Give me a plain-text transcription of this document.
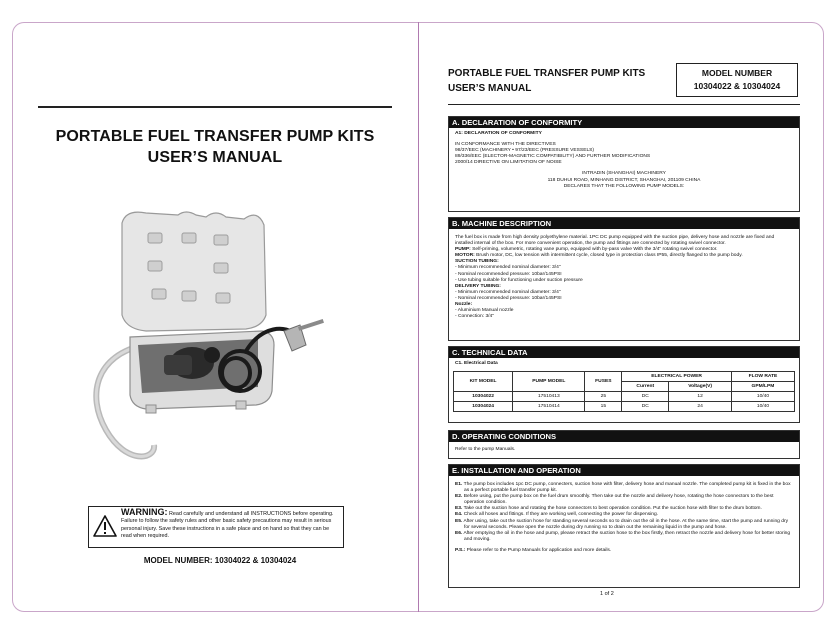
PORTABLE FUEL TRANSFER PUMP KITS
USER’S MANUAL
WARNING: Read carefully and understand all INSTRUCTIONS before operating. Failure to follow the safety rules and other basic safety precautions may result in serious personal injury. Save these instructions in a safe place and on hand so that they can be read when required.
MODEL NUMBER: 10304022 & 10304024
PORTABLE FUEL TRANSFER PUMP KITS
USER’S MANUAL
MODEL NUMBER
10304022 & 10304024
A. DECLARATION OF CONFORMITY
A1: DECLARATION OF CONFORMITY
IN CONFORMANCE WITH THE DIRECTIVES
98/37/EEC (MACHINERY • 97/23/EEC (PRESSURE VESSELS)
89/336/EEC (ELECTOR-MAGNETIC COMPATIBILITY) AND FURTHER MODIFICATIONS
2000/14 DIRECTIVE ON LIMITATION OF NOISE
INTRADIN (SHANGHAI) MACHINERY
118 DUHUI ROAD, MINHANG DISTRICT, SHANGHAI, 201109 CHINA
DECLARES THAT THE FOLLOWING PUMP MODELS:
B. MACHINE DESCRIPTION
The fuel box is made from high density polyethylene material. 1PC DC pump equipped with the suction pipe, delivery hose and nozzle are fixed and installed internal of the box. For more convenient operation, the pump and fittings are connected by rotating swivel connector.
PUMP: Self-priming, volumetric, rotating vane pump, equipped with by-pass valve With the 3/4" rotating swivel connector.
MOTOR: Brush motor, DC, low tension with intermittent cycle, closed type in protection class IP55, directly flanged to the pump body.
SUCTION TUBING:
- Minimum recommended nominal diameter: 3/4"
- Nominal recommended pressure: 10bar/145PSI
- Use tubing suitable for functioning under suction pressure
DELIVERY TUBING:
- Minimum recommended nominal diameter: 3/4"
- Nominal recommended pressure: 10bar/145PSI
Nozzle:
- Aluminium Manual nozzle
- Connection: 3/4"
C. TECHNICAL DATA
C1. Electrical Data
KIT MODEL	PUMP MODEL	FUSES	ELECTRICAL POWER		FLOW RATE
			Current	Voltage(V)	GPM/LPM
10304022	17510413	25	DC	12	10/40
10304024	17510414	15	DC	24	10/40
D. OPERATING CONDITIONS
Refer to the pump Manuals.
E. INSTALLATION AND OPERATION
E1. The pump box includes 1pc DC pump, connecters, suction hose with filter, delivery hose and manual nozzle. The completed pump kit is fixed in the box as a perfect portable fuel transfer pump kit.
E2. Before using, put the pump box on the fuel drum smoothly. Then take out the nozzle and delivery hose, rotating the hose connectors to the best operation condition.
E3. Take out the suction hose and rotating the hose connectors to best operation condition. Put the suction hose with filter to the drum bottom.
E4. Check all hoses and fittings. If they are working well, connecting the power for dispensing.
E5. After using, take out the suction hose for standing several seconds so to drain out the oil in the hose. At the same time, start the pump and running dry for several seconds. Please open the nozzle during dry running so to drain out the remaining liquid in the pump and hose.
E6. After emptying the oil in the hose and pump, please retract the suction hose to the box firstly, then retract the nozzle and delivery hose for better storing and moving.
P.S.: Please refer to the Pump Manuals for application and more details.
1 of 2
